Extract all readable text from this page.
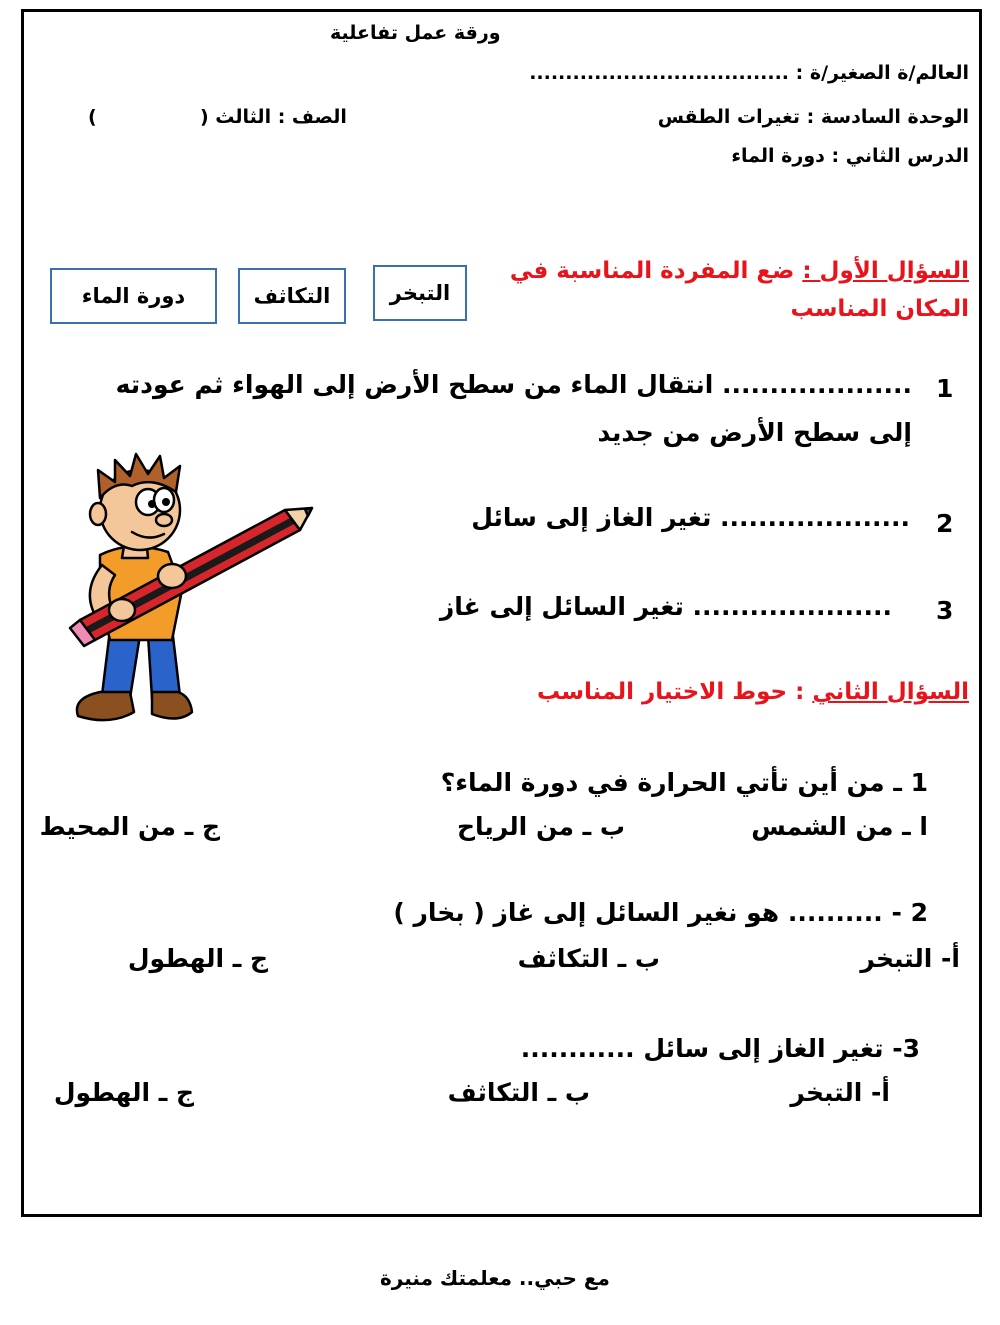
ورقة عمل تفاعلية
العالم/ة الصغير/ة : ....................................
الوحدة السادسة : تغيرات الطقس
الصف : الثالث (
)
الدرس الثاني : دورة الماء
السؤال الأول : ضع المفردة المناسبة في
المكان المناسب
التبخر
التكاثف
دورة الماء
1
.................... انتقال الماء من سطح الأرض إلى الهواء ثم عودته
إلى سطح الأرض من جديد
2
.................... تغير الغاز إلى سائل
3
..................... تغير السائل إلى غاز
السؤال الثاني : حوط الاختيار المناسب
1 ـ من أين تأتي الحرارة في دورة الماء؟
ا ـ من الشمس
ب ـ من الرياح
ج ـ من المحيط
2 - .......... هو نغير السائل إلى غاز ( بخار )
أ- التبخر
ب ـ التكاثف
ج ـ الهطول
3- تغير الغاز إلى سائل ............
أ- التبخر
ب ـ التكاثف
ج ـ الهطول
مع حبي.. معلمتك منيرة
